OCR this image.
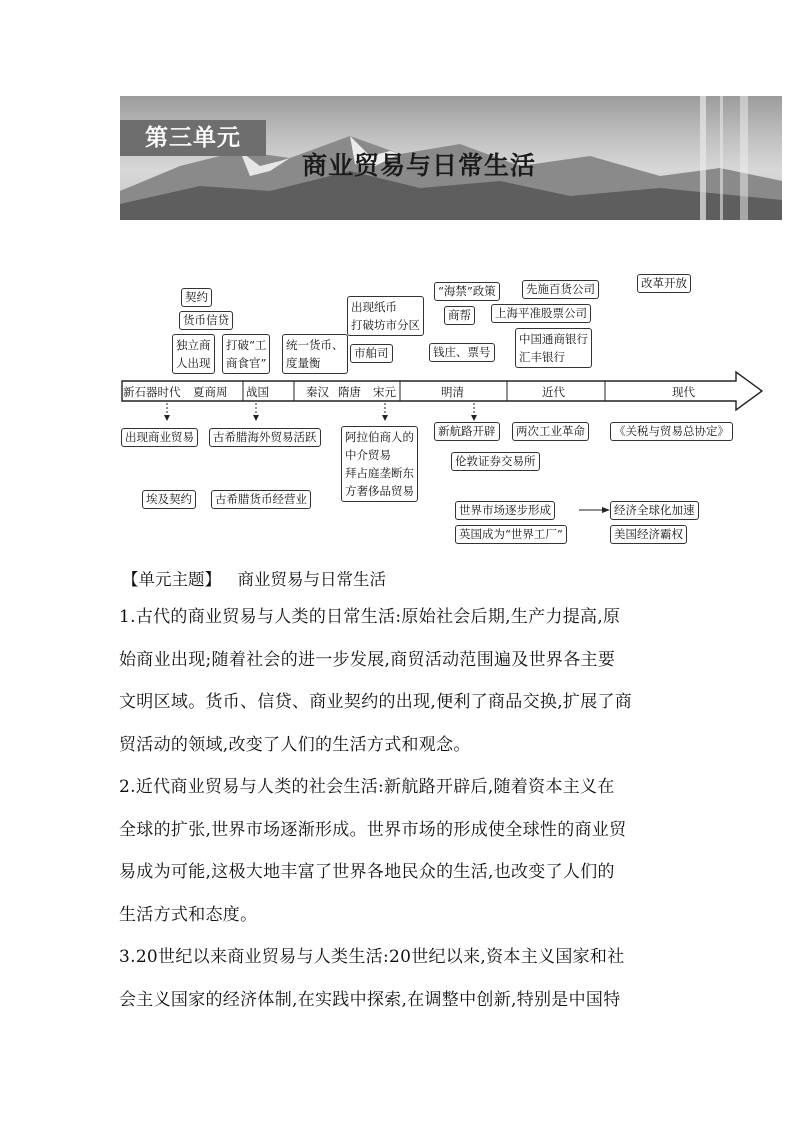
第三单元
商业贸易与日常生活
新石器时代 夏商周 战国	秦汉 隋唐 宋元	明清	近代	现代
契约
货币信贷
独立商
人出现
打破“工
商食官”
统一货币、
度量衡
出现纸币
打破坊市分区
市舶司
“海禁”政策
商帮
钱庄、票号
先施百货公司
上海平准股票公司
中国通商银行
汇丰银行
改革开放
出现商业贸易	古希腊海外贸易活跃	阿拉伯商人的
中介贸易
拜占庭垄断东
方奢侈品贸易
新航路开辟	两次工业革命	《关税与贸易总协定》
伦敦证券交易所
埃及契约	古希腊货币经营业
世界市场逐步形成	经济全球化加速
英国成为“世界工厂”	美国经济霸权
【单元主题】  商业贸易与日常生活
1.古代的商业贸易与人类的日常生活:原始社会后期,生产力提高,原
始商业出现;随着社会的进一步发展,商贸活动范围遍及世界各主要
文明区域。货币、信贷、商业契约的出现,便利了商品交换,扩展了商
贸活动的领域,改变了人们的生活方式和观念。
2.近代商业贸易与人类的社会生活:新航路开辟后,随着资本主义在
全球的扩张,世界市场逐渐形成。世界市场的形成使全球性的商业贸
易成为可能,这极大地丰富了世界各地民众的生活,也改变了人们的
生活方式和态度。
3.20世纪以来商业贸易与人类生活:20世纪以来,资本主义国家和社
会主义国家的经济体制,在实践中探索,在调整中创新,特别是中国特
